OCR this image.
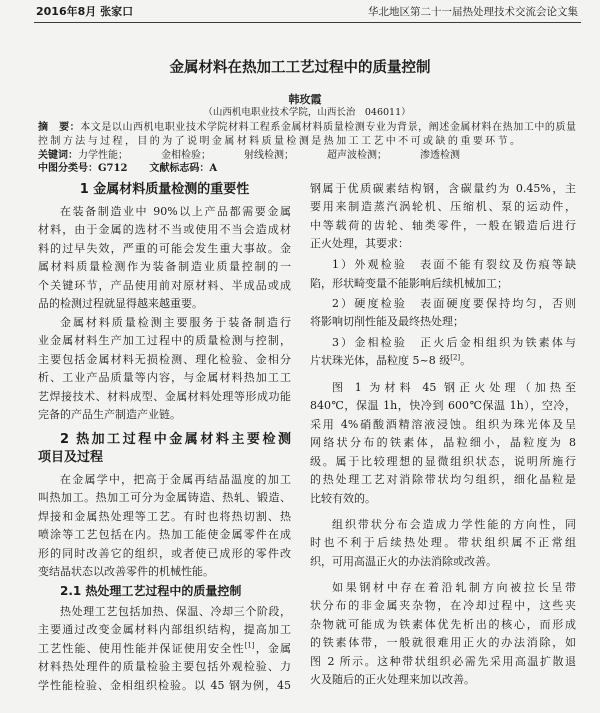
2016年8月 张家口	华北地区第二十一届热处理技术交流会论文集
金属材料在热加工工艺过程中的质量控制
韩玫霞
（山西机电职业技术学院，山西长治　046011）
摘　要：本文是以山西机电职业技术学院材料工程系金属材料质量检测专业为背景，阐述金属材料在热加工中的质量
控制方法与过程，目的为了说明金属材料质量检测是热加工工艺中不可或缺的重要环节。
关键词：力学性能；	金相检验；	射线检测；	超声波检测；	渗透检测
中图分类号：G712 文献标志码：A
1 金属材料质量检测的重要性
在装备制造业中 90%以上产品都需要金属
材料，由于金属的选材不当或使用不当会造成材
料的过早失效，严重的可能会发生重大事故。金
属材料质量检测作为装备制造业质量控制的一
个关键环节，产品使用前对原材料、半成品或成
品的检测过程就显得越来越重要。
金属材料质量检测主要服务于装备制造行
业金属材料生产加工过程中的质量检测与控制，
主要包括金属材料无损检测、理化检验、金相分
析、工业产品质量等内容，与金属材料热加工工
艺焊接技术、材料成型、金属材料处理等形成功能
完备的产品生产制造产业链。
2 热加工过程中金属材料主要检测
项目及过程
在金属学中，把高于金属再结晶温度的加工
叫热加工。热加工可分为金属铸造、热轧、锻造、
焊接和金属热处理等工艺。有时也将热切割、热
喷涂等工艺包括在内。热加工能使金属零件在成
形的同时改善它的组织，或者使已成形的零件改
变结晶状态以改善零件的机械性能。
2.1 热处理工艺过程中的质量控制
热处理工艺包括加热、保温、冷却三个阶段，
主要通过改变金属材料内部组织结构，提高加工
工艺性能、使用性能并保证使用安全性[1]，金属
材料热处理件的质量检验主要包括外观检验、力
学性能检验、金相组织检验。以 45 钢为例，45
钢属于优质碳素结构钢，含碳量约为 0.45%，主
要用来制造蒸汽涡轮机、压缩机、泵的运动件，
中等载荷的齿轮、轴类零件，一般在锻造后进行
正火处理，其要求：
1）外观检验　表面不能有裂纹及伤痕等缺
陷，形状畸变量不能影响后续机械加工；
2）硬度检验　表面硬度要保持均匀，否则
将影响切削性能及最终热处理；
3）金相检验　正火后金相组织为铁素体与
片状珠光体，晶粒度 5~8 级[2]。
图 1 为材料 45 钢正火处理（加热至
840℃，保温 1h，快冷到 600℃保温 1h），空冷，
采用 4%硝酸酒精溶液浸蚀。组织为珠光体及呈
网络状分布的铁素体，晶粒细小，晶粒度为 8
级。属于比较理想的显微组织状态，说明所施行
的热处理工艺对消除带状均匀组织，细化晶粒是
比较有效的。
组织带状分布会造成力学性能的方向性，同
时也不利于后续热处理。带状组织属不正常组
织，可用高温正火的办法消除或改善。
如果钢材中存在着沿轧制方向被拉长呈带
状分布的非金属夹杂物，在冷却过程中，这些夹
杂物就可能成为铁素体优先析出的核心，而形成
的铁素体带，一般就很难用正火的办法消除，如
图 2 所示。这种带状组织必需先采用高温扩散退
火及随后的正火处理来加以改善。
